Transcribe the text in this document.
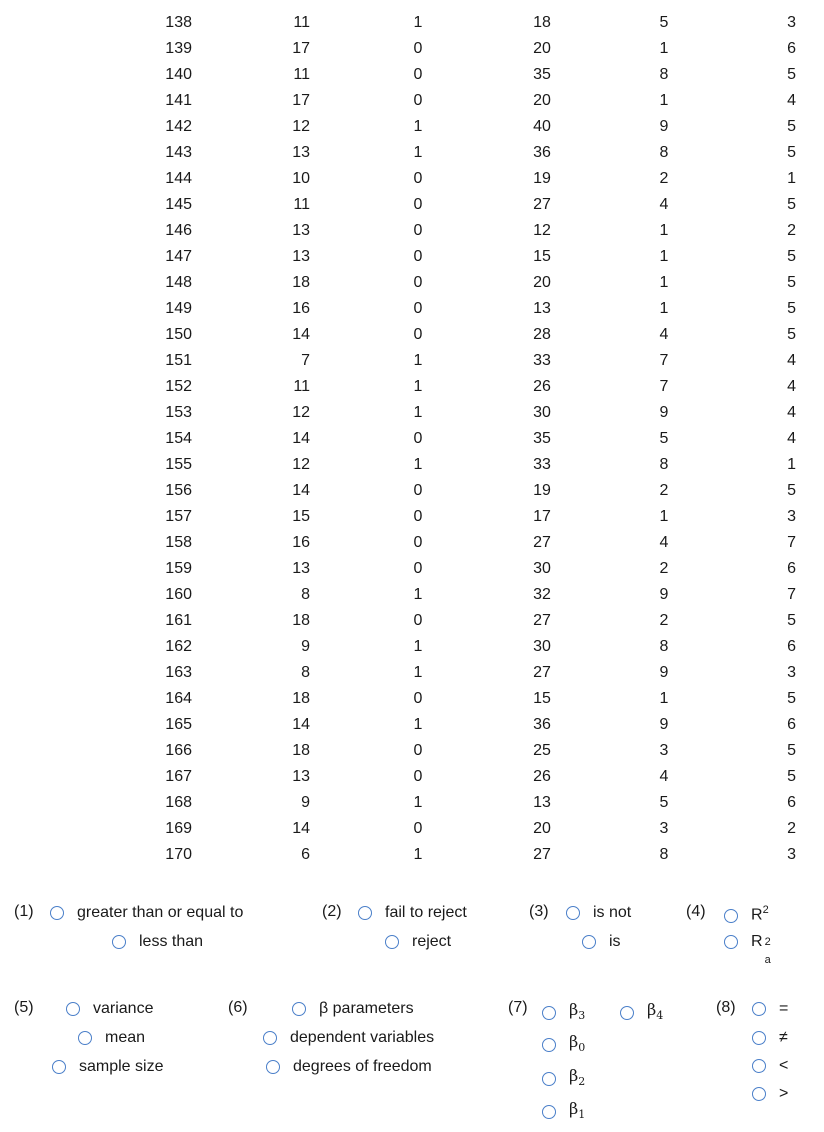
138	11	1	18	5	3
139	17	0	20	1	6
140	11	0	35	8	5
141	17	0	20	1	4
142	12	1	40	9	5
143	13	1	36	8	5
144	10	0	19	2	1
145	11	0	27	4	5
146	13	0	12	1	2
147	13	0	15	1	5
148	18	0	20	1	5
149	16	0	13	1	5
150	14	0	28	4	5
151	7	1	33	7	4
152	11	1	26	7	4
153	12	1	30	9	4
154	14	0	35	5	4
155	12	1	33	8	1
156	14	0	19	2	5
157	15	0	17	1	3
158	16	0	27	4	7
159	13	0	30	2	6
160	8	1	32	9	7
161	18	0	27	2	5
162	9	1	30	8	6
163	8	1	27	9	3
164	18	0	15	1	5
165	14	1	36	9	6
166	18	0	25	3	5
167	13	0	26	4	5
168	9	1	13	5	6
169	14	0	20	3	2
170	6	1	27	8	3
(1)	greater than or equal to
less than
(2)	fail to reject
reject
(3)	is not
is
(4)	$R^2$
R 2
a
(5)	variance
mean
sample size
(6)	β parameters
dependent variables
degrees of freedom
(7)	$\beta_3$	$\beta_4$
$\beta_0$
$\beta_2$
$\beta_1$
(8)	=
≠
<
>
